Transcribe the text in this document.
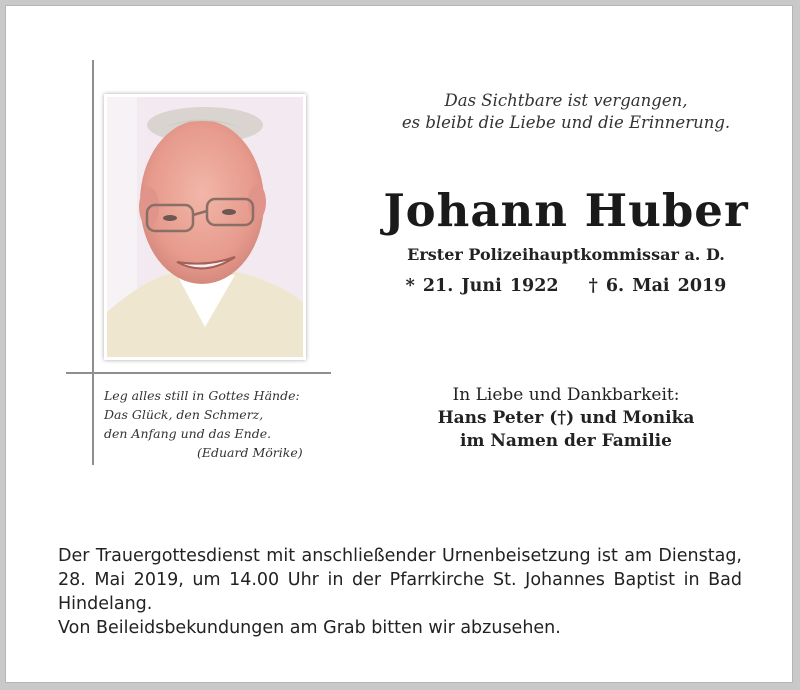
Leg alles still in Gottes Hände:
Das Glück, den Schmerz,
den Anfang und das Ende.
(Eduard Mörike)
Das Sichtbare ist vergangen,
es bleibt die Liebe und die Erinnerung.
Johann Huber
Erster Polizeihauptkommissar a. D.
* 21. Juni 1922 † 6. Mai 2019
In Liebe und Dankbarkeit:
Hans Peter (†) und Monika
im Namen der Familie
Der Trauergottesdienst mit anschließender Urnenbeisetzung ist am Dienstag, 28. Mai 2019, um 14.00 Uhr in der Pfarrkirche St. Johannes Baptist in Bad Hindelang.
Von Beileidsbekundungen am Grab bitten wir abzusehen.
